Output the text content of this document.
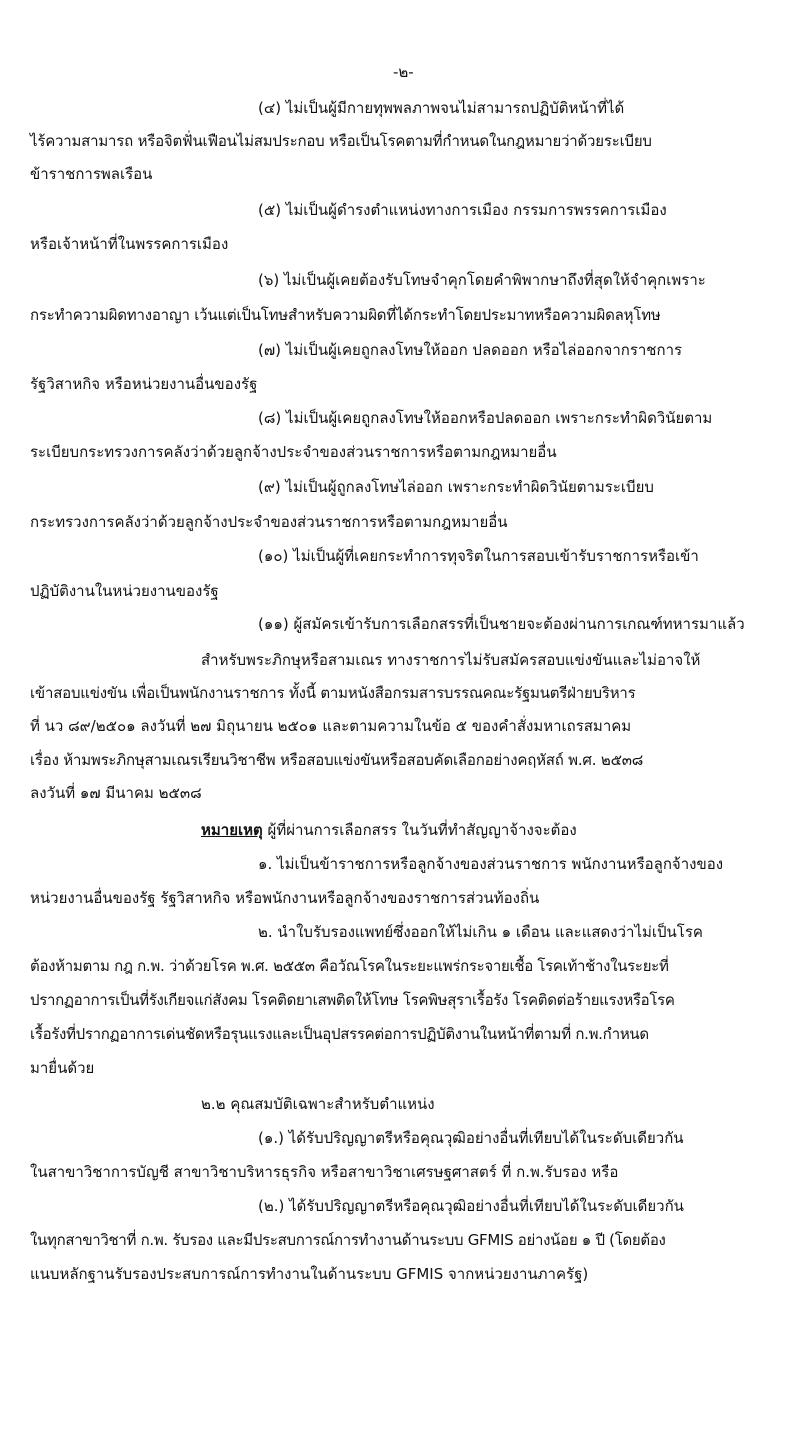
-๒-
(๔) ไม่เป็นผู้มีกายทุพพลภาพจนไม่สามารถปฏิบัติหน้าที่ได้
ไร้ความสามารถ หรือจิตฟั่นเฟือนไม่สมประกอบ หรือเป็นโรคตามที่กำหนดในกฎหมายว่าด้วยระเบียบ
ข้าราชการพลเรือน
(๕) ไม่เป็นผู้ดำรงตำแหน่งทางการเมือง กรรมการพรรคการเมือง
หรือเจ้าหน้าที่ในพรรคการเมือง
(๖) ไม่เป็นผู้เคยต้องรับโทษจำคุกโดยคำพิพากษาถึงที่สุดให้จำคุกเพราะ
กระทำความผิดทางอาญา เว้นแต่เป็นโทษสำหรับความผิดที่ได้กระทำโดยประมาทหรือความผิดลหุโทษ
(๗) ไม่เป็นผู้เคยถูกลงโทษให้ออก ปลดออก หรือไล่ออกจากราชการ
รัฐวิสาหกิจ หรือหน่วยงานอื่นของรัฐ
(๘) ไม่เป็นผู้เคยถูกลงโทษให้ออกหรือปลดออก เพราะกระทำผิดวินัยตาม
ระเบียบกระทรวงการคลังว่าด้วยลูกจ้างประจำของส่วนราชการหรือตามกฎหมายอื่น
(๙) ไม่เป็นผู้ถูกลงโทษไล่ออก เพราะกระทำผิดวินัยตามระเบียบ
กระทรวงการคลังว่าด้วยลูกจ้างประจำของส่วนราชการหรือตามกฎหมายอื่น
(๑๐) ไม่เป็นผู้ที่เคยกระทำการทุจริตในการสอบเข้ารับราชการหรือเข้า
ปฏิบัติงานในหน่วยงานของรัฐ
(๑๑) ผู้สมัครเข้ารับการเลือกสรรที่เป็นชายจะต้องผ่านการเกณฑ์ทหารมาแล้ว
สำหรับพระภิกษุหรือสามเณร ทางราชการไม่รับสมัครสอบแข่งขันและไม่อาจให้
เข้าสอบแข่งขัน เพื่อเป็นพนักงานราชการ ทั้งนี้ ตามหนังสือกรมสารบรรณคณะรัฐมนตรีฝ่ายบริหาร
ที่ นว ๘๙/๒๕๐๑ ลงวันที่ ๒๗ มิถุนายน ๒๕๐๑ และตามความในข้อ ๕ ของคำสั่งมหาเถรสมาคม
เรื่อง ห้ามพระภิกษุสามเณรเรียนวิชาชีพ หรือสอบแข่งขันหรือสอบคัดเลือกอย่างคฤหัสถ์ พ.ศ. ๒๕๓๘
ลงวันที่ ๑๗ มีนาคม ๒๕๓๘
หมายเหตุ ผู้ที่ผ่านการเลือกสรร ในวันที่ทำสัญญาจ้างจะต้อง
๑. ไม่เป็นข้าราชการหรือลูกจ้างของส่วนราชการ พนักงานหรือลูกจ้างของ
หน่วยงานอื่นของรัฐ รัฐวิสาหกิจ หรือพนักงานหรือลูกจ้างของราชการส่วนท้องถิ่น
๒. นำใบรับรองแพทย์ซึ่งออกให้ไม่เกิน ๑ เดือน และแสดงว่าไม่เป็นโรค
ต้องห้ามตาม กฎ ก.พ. ว่าด้วยโรค พ.ศ. ๒๕๕๓ คือวัณโรคในระยะแพร่กระจายเชื้อ โรคเท้าช้างในระยะที่
ปรากฏอาการเป็นที่รังเกียจแก่สังคม โรคติดยาเสพติดให้โทษ โรคพิษสุราเรื้อรัง โรคติดต่อร้ายแรงหรือโรค
เรื้อรังที่ปรากฏอาการเด่นชัดหรือรุนแรงและเป็นอุปสรรคต่อการปฏิบัติงานในหน้าที่ตามที่ ก.พ.กำหนด
มายื่นด้วย
๒.๒ คุณสมบัติเฉพาะสำหรับตำแหน่ง
(๑.) ได้รับปริญญาตรีหรือคุณวุฒิอย่างอื่นที่เทียบได้ในระดับเดียวกัน
ในสาขาวิชาการบัญชี สาขาวิชาบริหารธุรกิจ หรือสาขาวิชาเศรษฐศาสตร์ ที่ ก.พ.รับรอง หรือ
(๒.) ได้รับปริญญาตรีหรือคุณวุฒิอย่างอื่นที่เทียบได้ในระดับเดียวกัน
ในทุกสาขาวิชาที่ ก.พ. รับรอง และมีประสบการณ์การทำงานด้านระบบ GFMIS อย่างน้อย ๑ ปี (โดยต้อง
แนบหลักฐานรับรองประสบการณ์การทำงานในด้านระบบ GFMIS จากหน่วยงานภาครัฐ)
